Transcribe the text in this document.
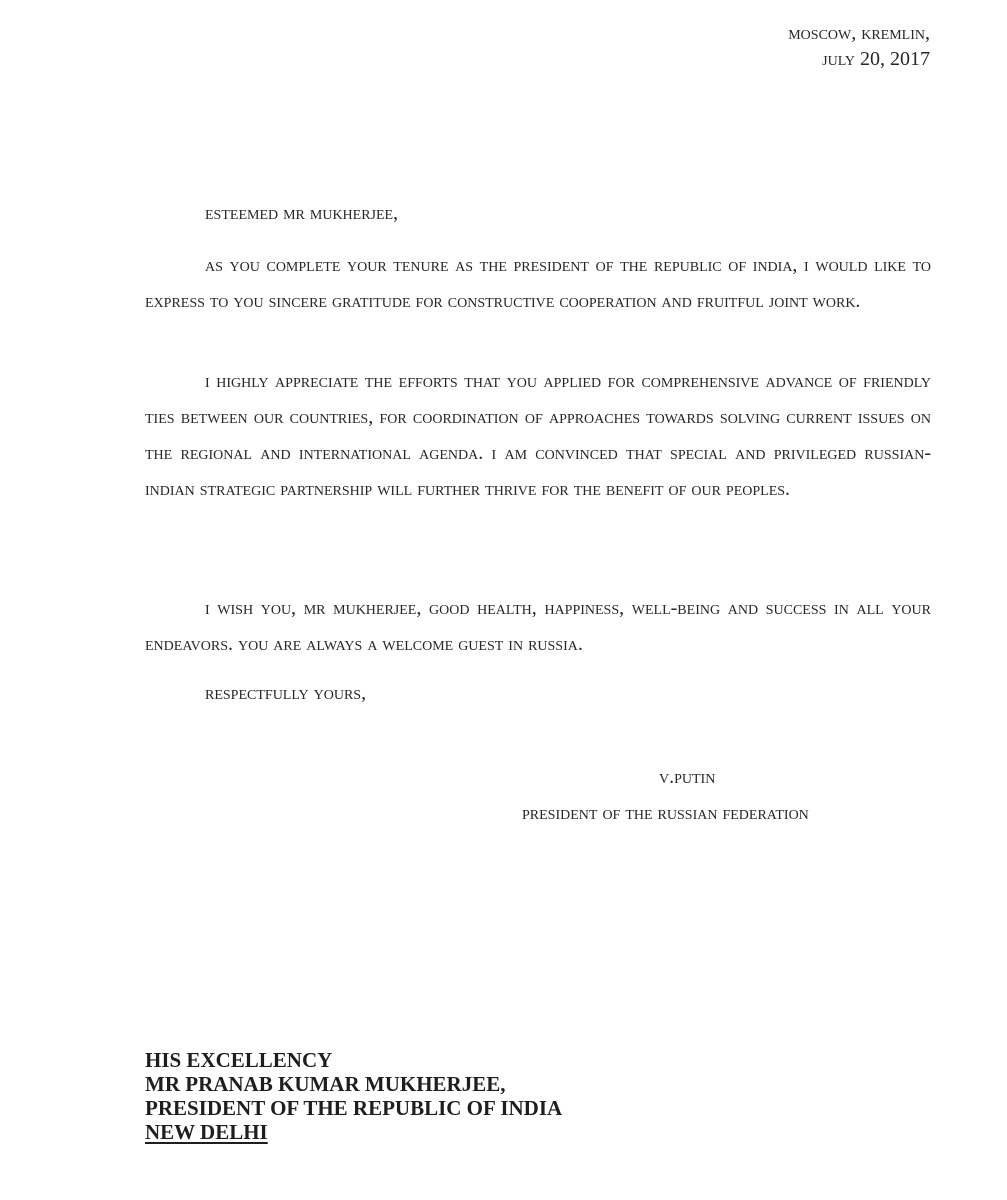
moscow, kremlin,
july 20, 2017
esteemed mr mukherjee,

as you complete your tenure as the president of the republic of india, i would like to express to you sincere gratitude for constructive cooperation and fruitful joint work.

i highly appreciate the efforts that you applied for comprehensive advance of friendly ties between our countries, for coordination of approaches towards solving current issues on the regional and international agenda. i am convinced that special and privileged russian-indian strategic partnership will further thrive for the benefit of our peoples.

i wish you, mr mukherjee, good health, happiness, well-being and success in all your endeavors. you are always a welcome guest in russia.

respectfully yours,
v.putin
president of the russian federation
HIS EXCELLENCY
MR PRANAB KUMAR MUKHERJEE,
PRESIDENT OF THE REPUBLIC OF INDIA
NEW DELHI
